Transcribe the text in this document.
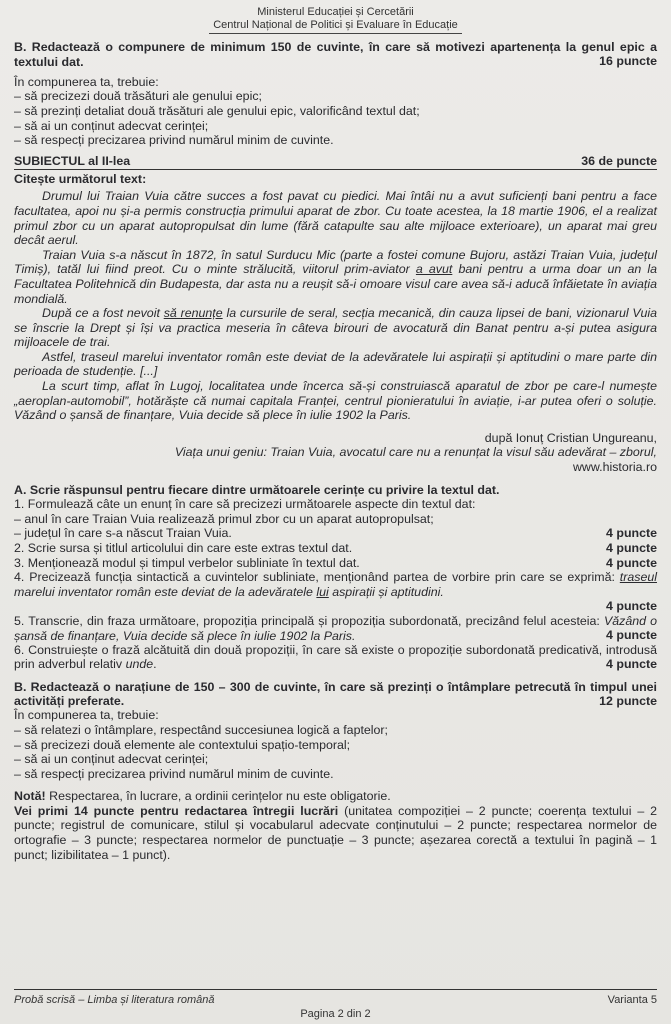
Ministerul Educației și Cercetării
Centrul Național de Politici și Evaluare în Educație

B. Redactează o compunere de minimum 150 de cuvinte, în care să motivezi apartenența la genul epic a textului dat.	16 puncte

În compunerea ta, trebuie:

– să precizezi două trăsături ale genului epic;
– să prezinți detaliat două trăsături ale genului epic, valorificând textul dat;
– să ai un conținut adecvat cerinței;
– să respecți precizarea privind numărul minim de cuvinte.
SUBIECTUL al II-lea	36 de puncte
Citește următorul text:

Drumul lui Traian Vuia către succes a fost pavat cu piedici. Mai întâi nu a avut suficienți bani pentru a face facultatea, apoi nu și-a permis construcția primului aparat de zbor. Cu toate acestea, la 18 martie 1906, el a realizat primul zbor cu un aparat autopropulsat din lume (fără catapulte sau alte mijloace exterioare), un aparat mai greu decât aerul.

Traian Vuia s-a născut în 1872, în satul Surducu Mic (parte a fostei comune Bujoru, astăzi Traian Vuia, județul Timiș), tatăl lui fiind preot. Cu o minte strălucită, viitorul prim-aviator a avut bani pentru a urma doar un an la Facultatea Politehnică din Budapesta, dar asta nu a reușit să-i omoare visul care avea să-i aducă înfăietate în aviația mondială.

După ce a fost nevoit să renunțe la cursurile de seral, secția mecanică, din cauza lipsei de bani, vizionarul Vuia se înscrie la Drept și își va practica meseria în câteva birouri de avocatură din Banat pentru a-și putea asigura mijloacele de trai.

Astfel, traseul marelui inventator român este deviat de la adevăratele lui aspirații și aptitudini o mare parte din perioada de studenție. [...]

La scurt timp, aflat în Lugoj, localitatea unde încerca să-și construiască aparatul de zbor pe care-l numește „aeroplan-automobil”, hotărăște că numai capitala Franței, centrul pionieratului în aviație, i-ar putea oferi o soluție. Văzând o șansă de finanțare, Vuia decide să plece în iulie 1902 la Paris.

după Ionuț Cristian Ungureanu,
Viața unui geniu: Traian Vuia, avocatul care nu a renunțat la visul său adevărat – zborul,
www.historia.ro

A. Scrie răspunsul pentru fiecare dintre următoarele cerințe cu privire la textul dat.

1. Formulează câte un enunț în care să precizezi următoarele aspecte din textul dat:

– anul în care Traian Vuia realizează primul zbor cu un aparat autopropulsat;

– județul în care s-a născut Traian Vuia.	4 puncte
2. Scrie sursa și titlul articolului din care este extras textul dat.	4 puncte
3. Menționează modul și timpul verbelor subliniate în textul dat.	4 puncte

4. Precizează funcția sintactică a cuvintelor subliniate, menționând partea de vorbire prin care se exprimă: traseul marelui inventator român este deviat de la adevăratele lui aspirații și aptitudini.

4 puncte

5. Transcrie, din fraza următoare, propoziția principală și propoziția subordonată, precizând felul acesteia: Văzând o șansă de finanțare, Vuia decide să plece în iulie 1902 la Paris.	4 puncte

6. Construiește o frază alcătuită din două propoziții, în care să existe o propoziție subordonată predicativă, introdusă prin adverbul relativ unde.	4 puncte

B. Redactează o narațiune de 150 – 300 de cuvinte, în care să prezinți o întâmplare petrecută în timpul unei activități preferate.	12 puncte

În compunerea ta, trebuie:

– să relatezi o întâmplare, respectând succesiunea logică a faptelor;
– să precizezi două elemente ale contextului spațio-temporal;
– să ai un conținut adecvat cerinței;
– să respecți precizarea privind numărul minim de cuvinte.

Notă! Respectarea, în lucrare, a ordinii cerințelor nu este obligatorie.

Vei primi 14 puncte pentru redactarea întregii lucrări (unitatea compoziției – 2 puncte; coerența textului – 2 puncte; registrul de comunicare, stilul și vocabularul adecvate conținutului – 2 puncte; respectarea normelor de ortografie – 3 puncte; respectarea normelor de punctuație – 3 puncte; așezarea corectă a textului în pagină – 1 punct; lizibilitatea – 1 punct).

Probă scrisă – Limba și literatura română	Varianta 5
Pagina 2 din 2
